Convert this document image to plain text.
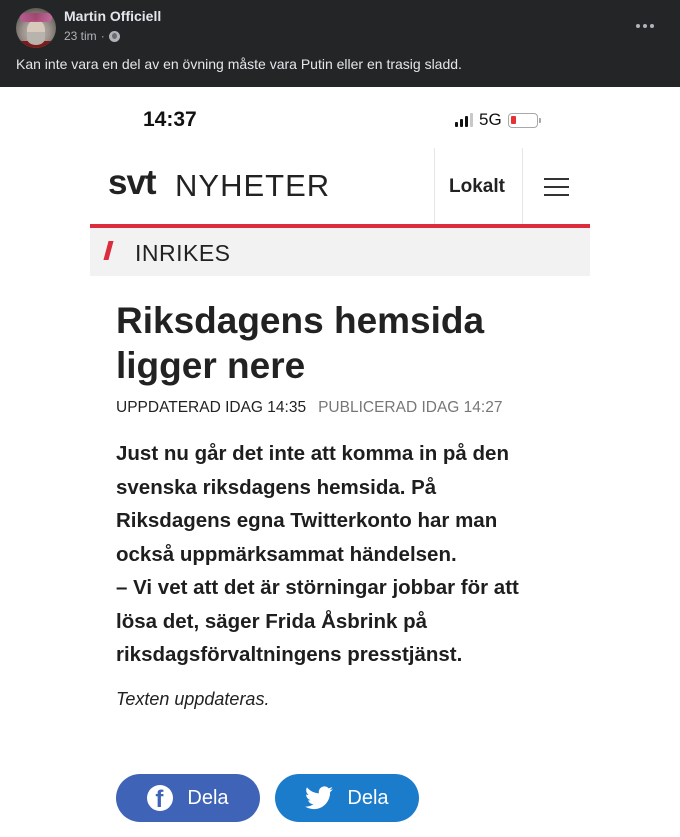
Martin Officiell
23 tim ·
Kan inte vara en del av en övning måste vara Putin eller en trasig sladd.
14:37	5G
svt NYHETER	Lokalt
INRIKES
Riksdagens hemsida ligger nere
UPPDATERAD IDAG 14:35 PUBLICERAD IDAG 14:27
Just nu går det inte att komma in på den
svenska riksdagens hemsida. På
Riksdagens egna Twitterkonto har man
också uppmärksammat händelsen.
– Vi vet att det är störningar jobbar för att
lösa det, säger Frida Åsbrink på
riksdagsförvaltningens presstjänst.
Texten uppdateras.
f
Dela	Dela
